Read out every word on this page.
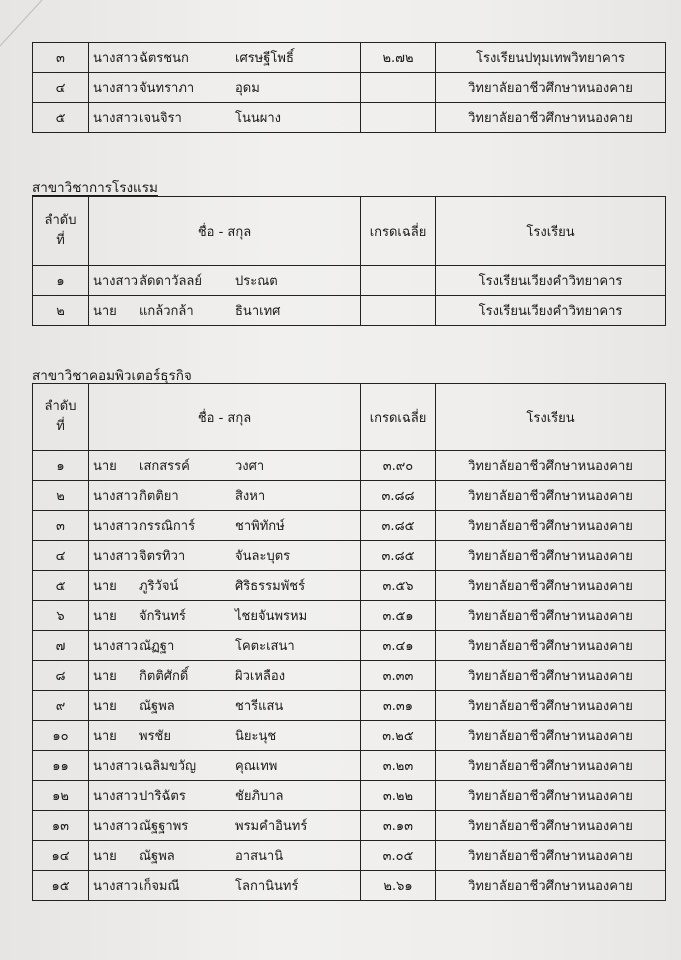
๓	นางสาวฉัตรชนก เศรษฐีโพธิ์	๒.๗๒	โรงเรียนปทุมเทพวิทยาคาร
๔	นางสาวจันทราภา อุดม		วิทยาลัยอาชีวศึกษาหนองคาย
๕	นางสาวเจนจิรา โนนผาง		วิทยาลัยอาชีวศึกษาหนองคาย
สาขาวิชาการโรงแรม
ลำดับ
ที่	ชื่อ - สกุล	เกรดเฉลี่ย	โรงเรียน
๑	นางสาวลัดดาวัลลย์ ประณต		โรงเรียนเวียงคำวิทยาคาร
๒	นาย แกล้วกล้า ธินาเทศ		โรงเรียนเวียงคำวิทยาคาร
สาขาวิชาคอมพิวเตอร์ธุรกิจ
ลำดับ
ที่	ชื่อ - สกุล	เกรดเฉลี่ย	โรงเรียน
๑	นาย เสกสรรค์ วงศา	๓.๙๐	วิทยาลัยอาชีวศึกษาหนองคาย
๒	นางสาวกิตติยา สิงหา	๓.๘๘	วิทยาลัยอาชีวศึกษาหนองคาย
๓	นางสาวกรรณิการ์ ชาพิทักษ์	๓.๘๕	วิทยาลัยอาชีวศึกษาหนองคาย
๔	นางสาวจิตรทิวา จันละบุตร	๓.๘๕	วิทยาลัยอาชีวศึกษาหนองคาย
๕	นาย ภูริวัจน์ ศิริธรรมพัชร์	๓.๕๖	วิทยาลัยอาชีวศึกษาหนองคาย
๖	นาย จักรินทร์ ไชยจันพรหม	๓.๕๑	วิทยาลัยอาชีวศึกษาหนองคาย
๗	นางสาวณัฏฐา โคตะเสนา	๓.๔๑	วิทยาลัยอาชีวศึกษาหนองคาย
๘	นาย กิตติศักดิ์ ผิวเหลือง	๓.๓๓	วิทยาลัยอาชีวศึกษาหนองคาย
๙	นาย ณัฐพล ชารีแสน	๓.๓๑	วิทยาลัยอาชีวศึกษาหนองคาย
๑๐	นาย พรชัย นิยะนุช	๓.๒๕	วิทยาลัยอาชีวศึกษาหนองคาย
๑๑	นางสาวเฉลิมขวัญ คุณเทพ	๓.๒๓	วิทยาลัยอาชีวศึกษาหนองคาย
๑๒	นางสาวปาริฉัตร ชัยภิบาล	๓.๒๒	วิทยาลัยอาชีวศึกษาหนองคาย
๑๓	นางสาวณัฐฐาพร พรมคำอินทร์	๓.๑๓	วิทยาลัยอาชีวศึกษาหนองคาย
๑๔	นาย ณัฐพล อาสนานิ	๓.๐๕	วิทยาลัยอาชีวศึกษาหนองคาย
๑๕	นางสาวเก็จมณี โลกานินทร์	๒.๖๑	วิทยาลัยอาชีวศึกษาหนองคาย
